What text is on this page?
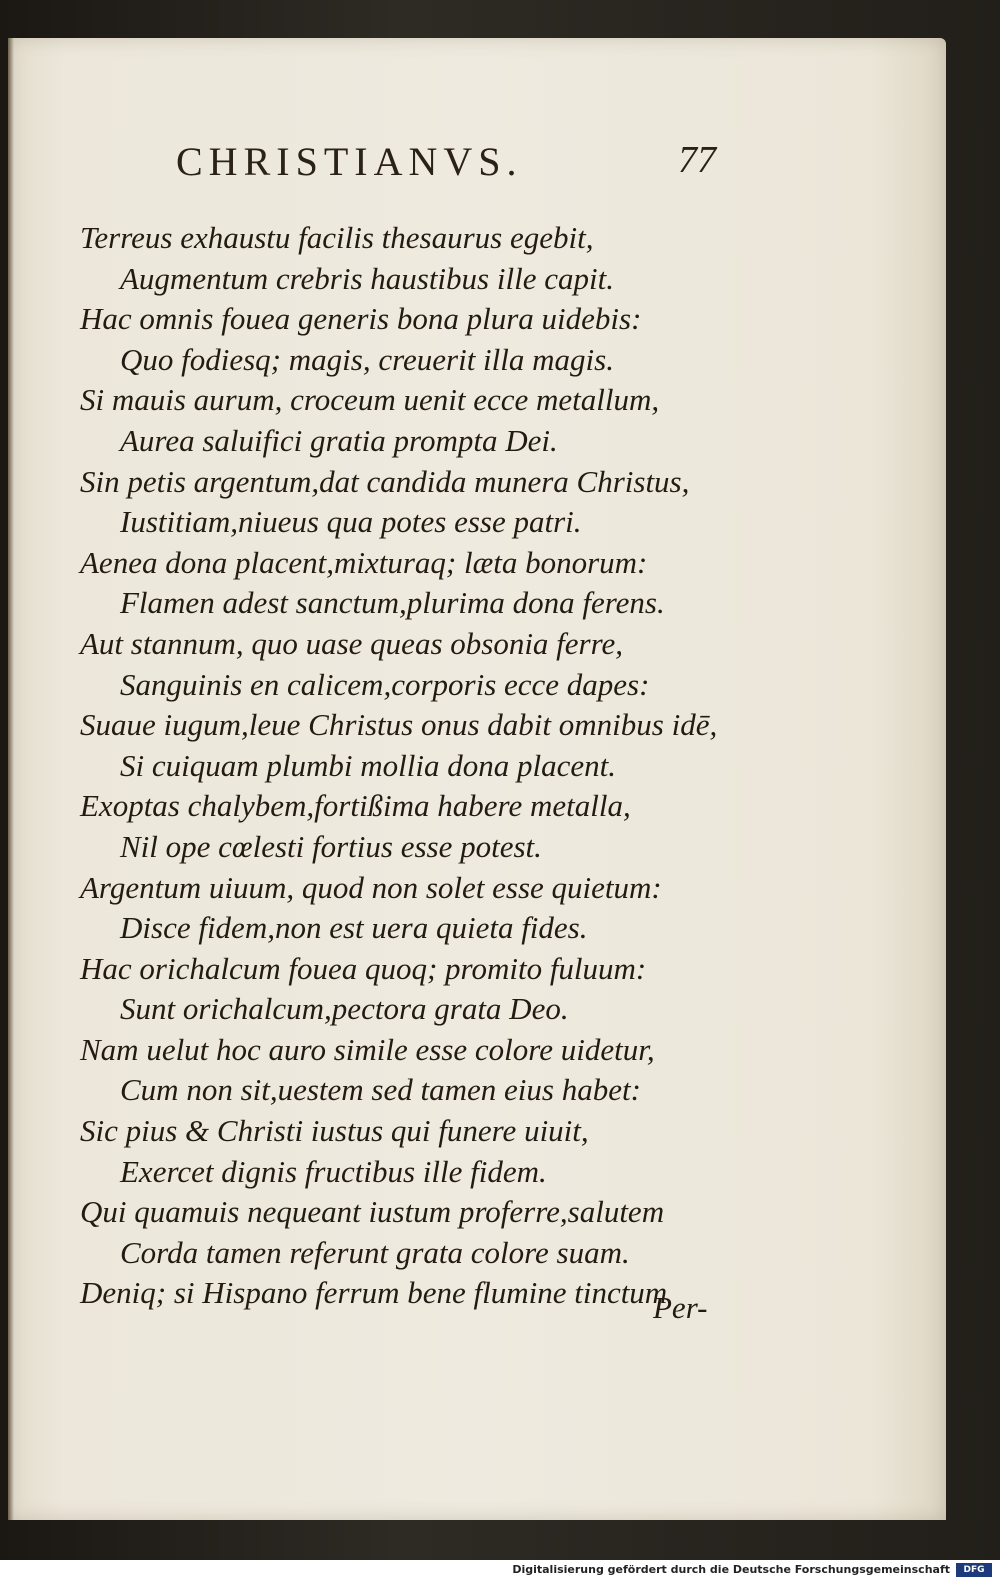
CHRISTIANVS.	77
Terreus exhaustu facilis thesaurus egebit,
Augmentum crebris haustibus ille capit.
Hac omnis fouea generis bona plura uidebis:
Quo fodiesq; magis, creuerit illa magis.
Si mauis aurum, croceum uenit ecce metallum,
Aurea saluifici gratia prompta Dei.
Sin petis argentum,dat candida munera Christus,
Iustitiam,niueus qua potes esse patri.
Aenea dona placent,mixturaq; læta bonorum:
Flamen adest sanctum,plurima dona ferens.
Aut stannum, quo uase queas obsonia ferre,
Sanguinis en calicem,corporis ecce dapes:
Suaue iugum,leue Christus onus dabit omnibus idē,
Si cuiquam plumbi mollia dona placent.
Exoptas chalybem,fortißima habere metalla,
Nil ope cœlesti fortius esse potest.
Argentum uiuum, quod non solet esse quietum:
Disce fidem,non est uera quieta fides.
Hac orichalcum fouea quoq; promito fuluum:
Sunt orichalcum,pectora grata Deo.
Nam uelut hoc auro simile esse colore uidetur,
Cum non sit,uestem sed tamen eius habet:
Sic pius & Christi iustus qui funere uiuit,
Exercet dignis fructibus ille fidem.
Qui quamuis nequeant iustum proferre,salutem
Corda tamen referunt grata colore suam.
Deniq; si Hispano ferrum bene flumine tinctum
Per-
Digitalisierung gefördert durch die Deutsche Forschungsgemeinschaft	DFG
